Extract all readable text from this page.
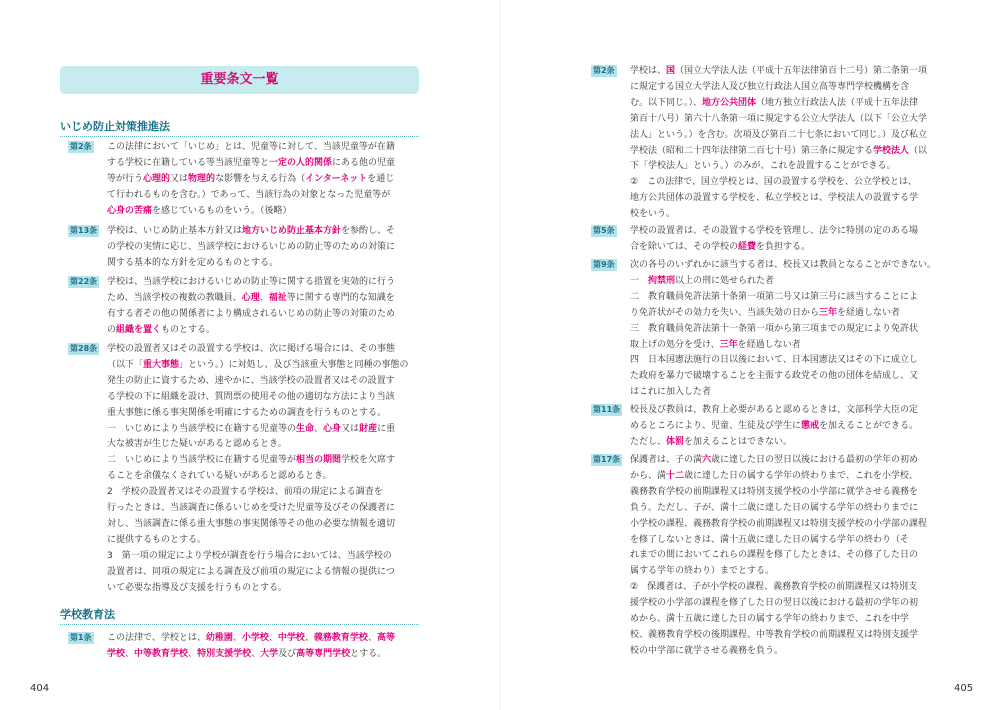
重要条文一覧
いじめ防止対策推進法
第2条 この法律において「いじめ」とは、児童等に対して、当該児童等が在籍
する学校に在籍している等当該児童等と一定の人的関係にある他の児童
等が行う心理的又は物理的な影響を与える行為（インターネットを通じ
て行われるものを含む。）であって、当該行為の対象となった児童等が
心身の苦痛を感じているものをいう。（後略）
第13条 学校は、いじめ防止基本方針又は地方いじめ防止基本方針を参酌し、そ
の学校の実情に応じ、当該学校におけるいじめの防止等のための対策に
関する基本的な方針を定めるものとする。
第22条 学校は、当該学校におけるいじめの防止等に関する措置を実効的に行う
ため、当該学校の複数の教職員、心理、福祉等に関する専門的な知識を
有する者その他の関係者により構成されるいじめの防止等の対策のため
の組織を置くものとする。
第28条 学校の設置者又はその設置する学校は、次に掲げる場合には、その事態
（以下「重大事態」という。）に対処し、及び当該重大事態と同種の事態の
発生の防止に資するため、速やかに、当該学校の設置者又はその設置す
る学校の下に組織を設け、質問票の使用その他の適切な方法により当該
重大事態に係る事実関係を明確にするための調査を行うものとする。
一　いじめにより当該学校に在籍する児童等の生命、心身又は財産に重
大な被害が生じた疑いがあると認めるとき。
二　いじめにより当該学校に在籍する児童等が相当の期間学校を欠席す
ることを余儀なくされている疑いがあると認めるとき。
2　学校の設置者又はその設置する学校は、前項の規定による調査を
行ったときは、当該調査に係るいじめを受けた児童等及びその保護者に
対し、当該調査に係る重大事態の事実関係等その他の必要な情報を適切
に提供するものとする。
3　第一項の規定により学校が調査を行う場合においては、当該学校の
設置者は、同項の規定による調査及び前項の規定による情報の提供につ
いて必要な指導及び支援を行うものとする。
学校教育法
第1条 この法律で、学校とは、幼稚園、小学校、中学校、義務教育学校、高等
学校、中等教育学校、特別支援学校、大学及び高等専門学校とする。
404
第2条 学校は、国（国立大学法人法（平成十五年法律第百十二号）第二条第一項
に規定する国立大学法人及び独立行政法人国立高等専門学校機構を含
む。以下同じ。）、地方公共団体（地方独立行政法人法（平成十五年法律
第百十八号）第六十八条第一項に規定する公立大学法人（以下「公立大学
法人」という。）を含む。次項及び第百二十七条において同じ。）及び私立
学校法（昭和二十四年法律第二百七十号）第三条に規定する学校法人（以
下「学校法人」という。）のみが、これを設置することができる。
②　この法律で、国立学校とは、国の設置する学校を、公立学校とは、
地方公共団体の設置する学校を、私立学校とは、学校法人の設置する学
校をいう。
第5条 学校の設置者は、その設置する学校を管理し、法令に特別の定のある場
合を除いては、その学校の経費を負担する。
第9条 次の各号のいずれかに該当する者は、校長又は教員となることができない。
一　拘禁刑以上の刑に処せられた者
二　教育職員免許法第十条第一項第二号又は第三号に該当することによ
り免許状がその効力を失い、当該失効の日から三年を経過しない者
三　教育職員免許法第十一条第一項から第三項までの規定により免許状
取上げの処分を受け、三年を経過しない者
四　日本国憲法施行の日以後において、日本国憲法又はその下に成立し
た政府を暴力で破壊することを主張する政党その他の団体を結成し、又
はこれに加入した者
第11条 校長及び教員は、教育上必要があると認めるときは、文部科学大臣の定
めるところにより、児童、生徒及び学生に懲戒を加えることができる。
ただし、体罰を加えることはできない。
第17条 保護者は、子の満六歳に達した日の翌日以後における最初の学年の初め
から、満十二歳に達した日の属する学年の終わりまで、これを小学校、
義務教育学校の前期課程又は特別支援学校の小学部に就学させる義務を
負う。ただし、子が、満十二歳に達した日の属する学年の終わりまでに
小学校の課程、義務教育学校の前期課程又は特別支援学校の小学部の課程
を修了しないときは、満十五歳に達した日の属する学年の終わり（そ
れまでの間においてこれらの課程を修了したときは、その修了した日の
属する学年の終わり）までとする。
②　保護者は、子が小学校の課程、義務教育学校の前期課程又は特別支
援学校の小学部の課程を修了した日の翌日以後における最初の学年の初
めから、満十五歳に達した日の属する学年の終わりまで、これを中学
校、義務教育学校の後期課程、中等教育学校の前期課程又は特別支援学
校の中学部に就学させる義務を負う。
405
